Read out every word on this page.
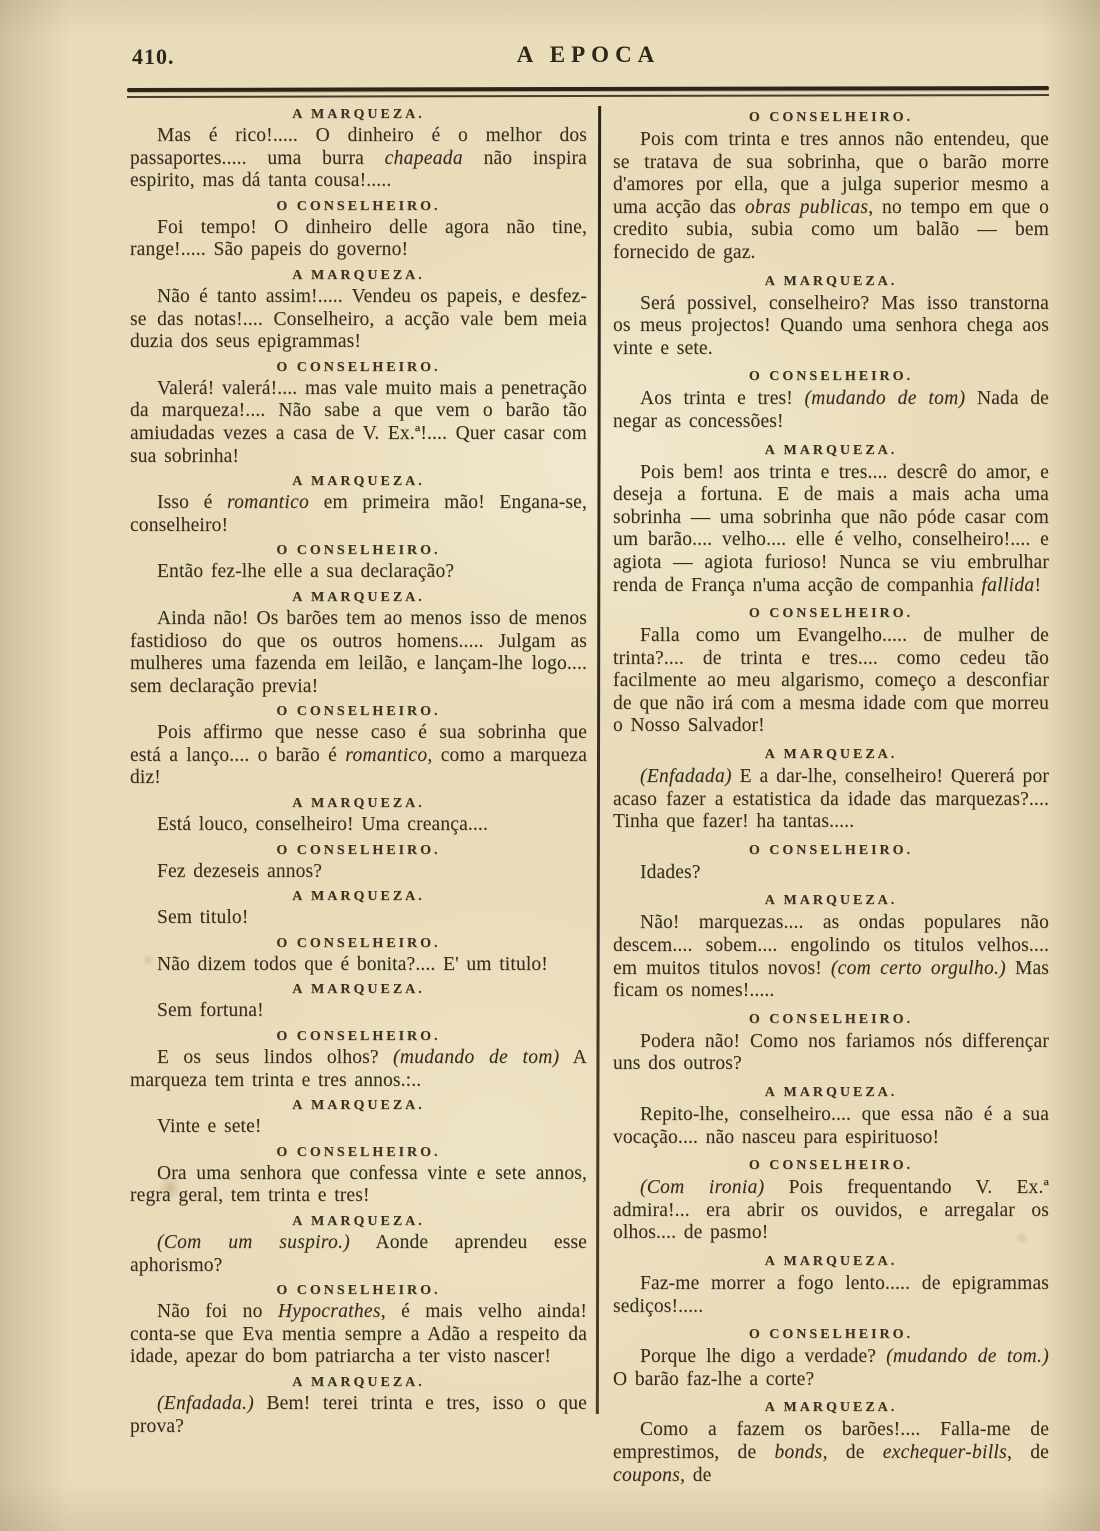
410.	A EPOCA
A MARQUEZA.

Mas é rico!..... O dinheiro é o melhor dos passaportes..... uma burra chapeada não inspira espirito, mas dá tanta cousa!.....

O CONSELHEIRO.

Foi tempo! O dinheiro delle agora não tine, range!..... São papeis do governo!

A MARQUEZA.

Não é tanto assim!..... Vendeu os papeis, e desfez-se das notas!.... Conselheiro, a acção vale bem meia duzia dos seus epigrammas!

O CONSELHEIRO.

Valerá! valerá!.... mas vale muito mais a penetração da marqueza!.... Não sabe a que vem o barão tão amiudadas vezes a casa de V. Ex.ª!.... Quer casar com sua sobrinha!

A MARQUEZA.

Isso é romantico em primeira mão! Engana-se, conselheiro!

O CONSELHEIRO.

Então fez-lhe elle a sua declaração?

A MARQUEZA.

Ainda não! Os barões tem ao menos isso de menos fastidioso do que os outros homens..... Julgam as mulheres uma fazenda em leilão, e lançam-lhe logo.... sem declaração previa!

O CONSELHEIRO.

Pois affirmo que nesse caso é sua sobrinha que está a lanço.... o barão é romantico, como a marqueza diz!

A MARQUEZA.

Está louco, conselheiro! Uma creança....

O CONSELHEIRO.

Fez dezeseis annos?

A MARQUEZA.

Sem titulo!

O CONSELHEIRO.

Não dizem todos que é bonita?.... E' um titulo!

A MARQUEZA.

Sem fortuna!

O CONSELHEIRO.

E os seus lindos olhos? (mudando de tom) A marqueza tem trinta e tres annos.:..

A MARQUEZA.

Vinte e sete!

O CONSELHEIRO.

Ora uma senhora que confessa vinte e sete annos, regra geral, tem trinta e tres!

A MARQUEZA.

(Com um suspiro.) Aonde aprendeu esse aphorismo?

O CONSELHEIRO.

Não foi no Hypocrathes, é mais velho ainda! conta-se que Eva mentia sempre a Adão a respeito da idade, apezar do bom patriarcha a ter visto nascer!

A MARQUEZA.

(Enfadada.) Bem! terei trinta e tres, isso o que prova?

O CONSELHEIRO.

Pois com trinta e tres annos não entendeu, que se tratava de sua sobrinha, que o barão morre d'amores por ella, que a julga superior mesmo a uma acção das obras publicas, no tempo em que o credito subia, subia como um balão — bem fornecido de gaz.

A MARQUEZA.

Será possivel, conselheiro? Mas isso transtorna os meus projectos! Quando uma senhora chega aos vinte e sete.

O CONSELHEIRO.

Aos trinta e tres! (mudando de tom) Nada de negar as concessões!

A MARQUEZA.

Pois bem! aos trinta e tres.... descrê do amor, e deseja a fortuna. E de mais a mais acha uma sobrinha — uma sobrinha que não póde casar com um barão.... velho.... elle é velho, conselheiro!.... e agiota — agiota furioso! Nunca se viu embrulhar renda de França n'uma acção de companhia fallida!

O CONSELHEIRO.

Falla como um Evangelho..... de mulher de trinta?.... de trinta e tres.... como cedeu tão facilmente ao meu algarismo, começo a desconfiar de que não irá com a mesma idade com que morreu o Nosso Salvador!

A MARQUEZA.

(Enfadada) E a dar-lhe, conselheiro! Quererá por acaso fazer a estatistica da idade das marquezas?.... Tinha que fazer! ha tantas.....

O CONSELHEIRO.

Idades?

A MARQUEZA.

Não! marquezas.... as ondas populares não descem.... sobem.... engolindo os titulos velhos.... em muitos titulos novos! (com certo orgulho.) Mas ficam os nomes!.....

O CONSELHEIRO.

Podera não! Como nos fariamos nós differençar uns dos outros?

A MARQUEZA.

Repito-lhe, conselheiro.... que essa não é a sua vocação.... não nasceu para espirituoso!

O CONSELHEIRO.

(Com ironia) Pois frequentando V. Ex.ª admira!... era abrir os ouvidos, e arregalar os olhos.... de pasmo!

A MARQUEZA.

Faz-me morrer a fogo lento..... de epigrammas sediços!.....

O CONSELHEIRO.

Porque lhe digo a verdade? (mudando de tom.) O barão faz-lhe a corte?

A MARQUEZA.

Como a fazem os barões!.... Falla-me de emprestimos, de bonds, de exchequer-bills, de coupons, de
